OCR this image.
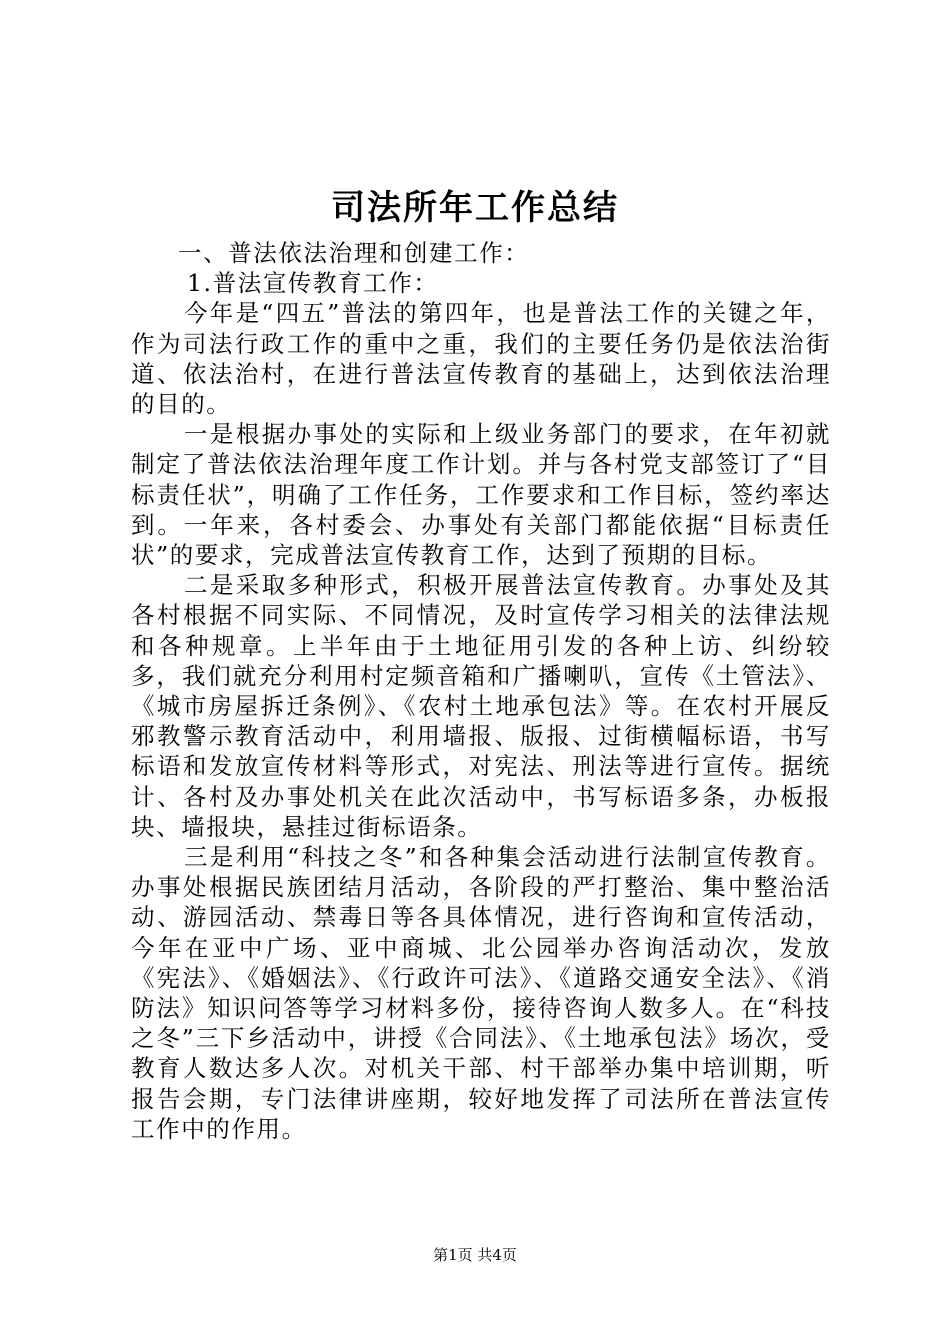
司法所年工作总结

一、普法依法治理和创建工作：

1.普法宣传教育工作：

今年是“四五”普法的第四年，也是普法工作的关键之年，作为司法行政工作的重中之重，我们的主要任务仍是依法治街道、依法治村，在进行普法宣传教育的基础上，达到依法治理的目的。

一是根据办事处的实际和上级业务部门的要求，在年初就制定了普法依法治理年度工作计划。并与各村党支部签订了“目标责任状”，明确了工作任务，工作要求和工作目标，签约率达到。一年来，各村委会、办事处有关部门都能依据“目标责任状”的要求，完成普法宣传教育工作，达到了预期的目标。

二是采取多种形式，积极开展普法宣传教育。办事处及其各村根据不同实际、不同情况，及时宣传学习相关的法律法规和各种规章。上半年由于土地征用引发的各种上访、纠纷较多，我们就充分利用村定频音箱和广播喇叭，宣传《土管法》、《城市房屋拆迁条例》、《农村土地承包法》等。在农村开展反邪教警示教育活动中，利用墙报、版报、过街横幅标语，书写标语和发放宣传材料等形式，对宪法、刑法等进行宣传。据统计、各村及办事处机关在此次活动中，书写标语多条，办板报块、墙报块，悬挂过街标语条。

三是利用“科技之冬”和各种集会活动进行法制宣传教育。办事处根据民族团结月活动，各阶段的严打整治、集中整治活动、游园活动、禁毒日等各具体情况，进行咨询和宣传活动，今年在亚中广场、亚中商城、北公园举办咨询活动次，发放《宪法》、《婚姻法》、《行政许可法》、《道路交通安全法》、《消防法》知识问答等学习材料多份，接待咨询人数多人。在“科技之冬”三下乡活动中，讲授《合同法》、《土地承包法》场次，受教育人数达多人次。对机关干部、村干部举办集中培训期，听报告会期，专门法律讲座期，较好地发挥了司法所在普法宣传工作中的作用。

第1页 共4页
